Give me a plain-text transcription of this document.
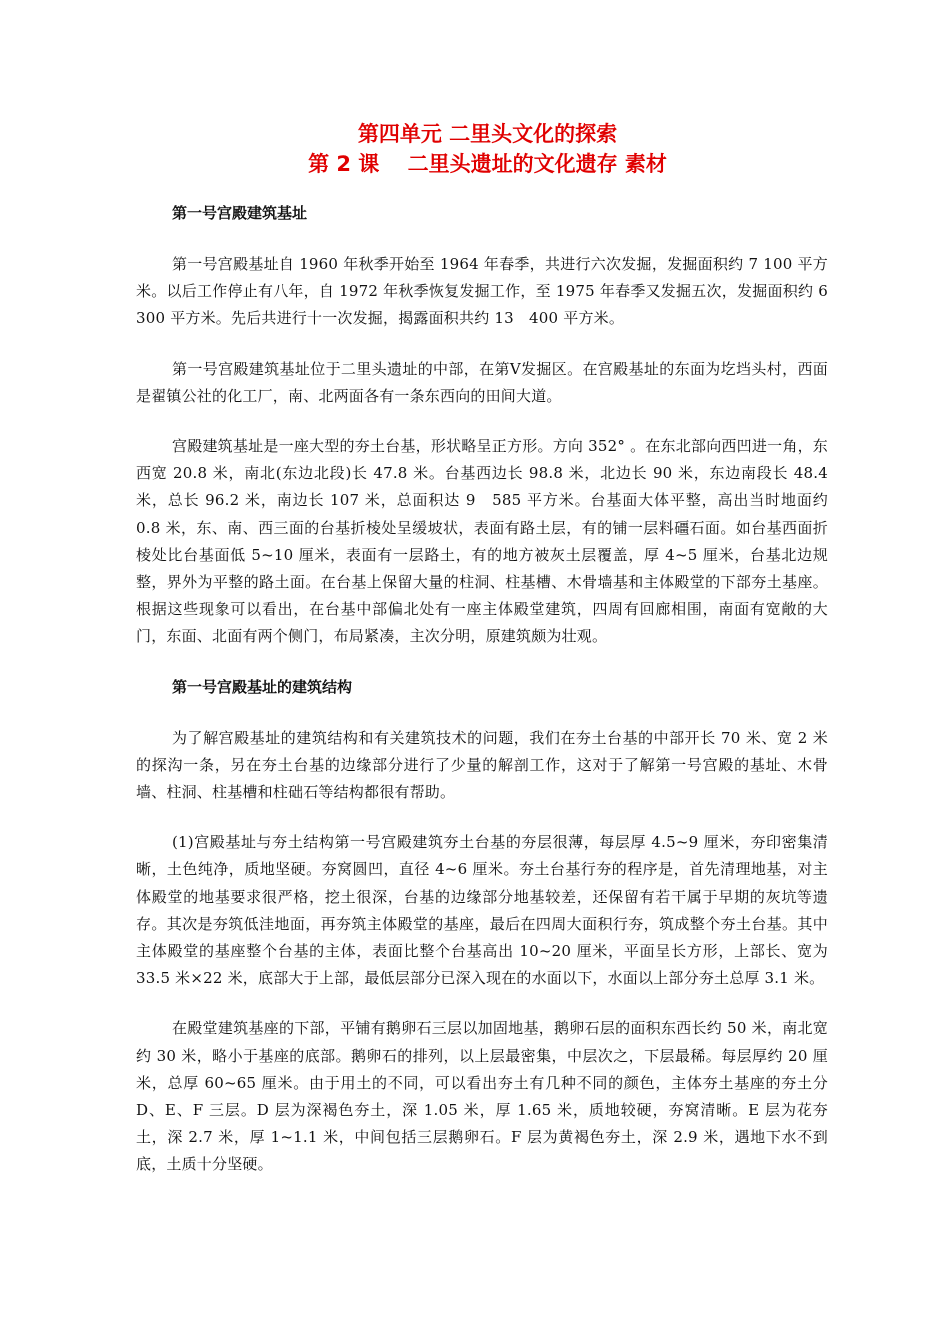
第四单元 二里头文化的探索
第 2 课　 二里头遗址的文化遗存 素材
第一号宫殿建筑基址

第一号宫殿基址自 1960 年秋季开始至 1964 年春季，共进行六次发掘，发掘面积约 7 100 平方米。以后工作停止有八年，自 1972 年秋季恢复发掘工作，至 1975 年春季又发掘五次，发掘面积约 6　300 平方米。先后共进行十一次发掘，揭露面积共约 13　400 平方米。

第一号宫殿建筑基址位于二里头遗址的中部，在第Ⅴ发掘区。在宫殿基址的东面为圪垱头村，西面是翟镇公社的化工厂，南、北两面各有一条东西向的田间大道。

宫殿建筑基址是一座大型的夯土台基，形状略呈正方形。方向 352° 。在东北部向西凹进一角，东西宽 20.8 米，南北(东边北段)长 47.8 米。台基西边长 98.8 米，北边长 90 米，东边南段长 48.4 米，总长 96.2 米，南边长 107 米，总面积达 9　585 平方米。台基面大体平整，高出当时地面约 0.8 米，东、南、西三面的台基折棱处呈缓坡状，表面有路土层，有的铺一层料礓石面。如台基西面折棱处比台基面低 5~10 厘米，表面有一层路土，有的地方被灰土层覆盖，厚 4~5 厘米，台基北边规整，界外为平整的路土面。在台基上保留大量的柱洞、柱基槽、木骨墙基和主体殿堂的下部夯土基座。根据这些现象可以看出，在台基中部偏北处有一座主体殿堂建筑，四周有回廊相围，南面有宽敞的大门，东面、北面有两个侧门，布局紧凑，主次分明，原建筑颇为壮观。

第一号宫殿基址的建筑结构

为了解宫殿基址的建筑结构和有关建筑技术的问题，我们在夯土台基的中部开长 70 米、宽 2 米的探沟一条，另在夯土台基的边缘部分进行了少量的解剖工作，这对于了解第一号宫殿的基址、木骨墙、柱洞、柱基槽和柱础石等结构都很有帮助。

(1)宫殿基址与夯土结构第一号宫殿建筑夯土台基的夯层很薄，每层厚 4.5~9 厘米，夯印密集清晰，土色纯净，质地坚硬。夯窝圆凹，直径 4~6 厘米。夯土台基行夯的程序是，首先清理地基，对主体殿堂的地基要求很严格，挖土很深，台基的边缘部分地基较差，还保留有若干属于早期的灰坑等遗存。其次是夯筑低洼地面，再夯筑主体殿堂的基座，最后在四周大面积行夯，筑成整个夯土台基。其中主体殿堂的基座整个台基的主体，表面比整个台基高出 10~20 厘米，平面呈长方形，上部长、宽为 33.5 米×22 米，底部大于上部，最低层部分已深入现在的水面以下，水面以上部分夯土总厚 3.1 米。

在殿堂建筑基座的下部，平铺有鹅卵石三层以加固地基，鹅卵石层的面积东西长约 50 米，南北宽约 30 米，略小于基座的底部。鹅卵石的排列，以上层最密集，中层次之，下层最稀。每层厚约 20 厘米，总厚 60~65 厘米。由于用土的不同，可以看出夯土有几种不同的颜色，主体夯土基座的夯土分 D、E、F 三层。D 层为深褐色夯土，深 1.05 米，厚 1.65 米，质地较硬，夯窝清晰。E 层为花夯土，深 2.7 米，厚 1~1.1 米，中间包括三层鹅卵石。F 层为黄褐色夯土，深 2.9 米，遇地下水不到底，土质十分坚硬。
